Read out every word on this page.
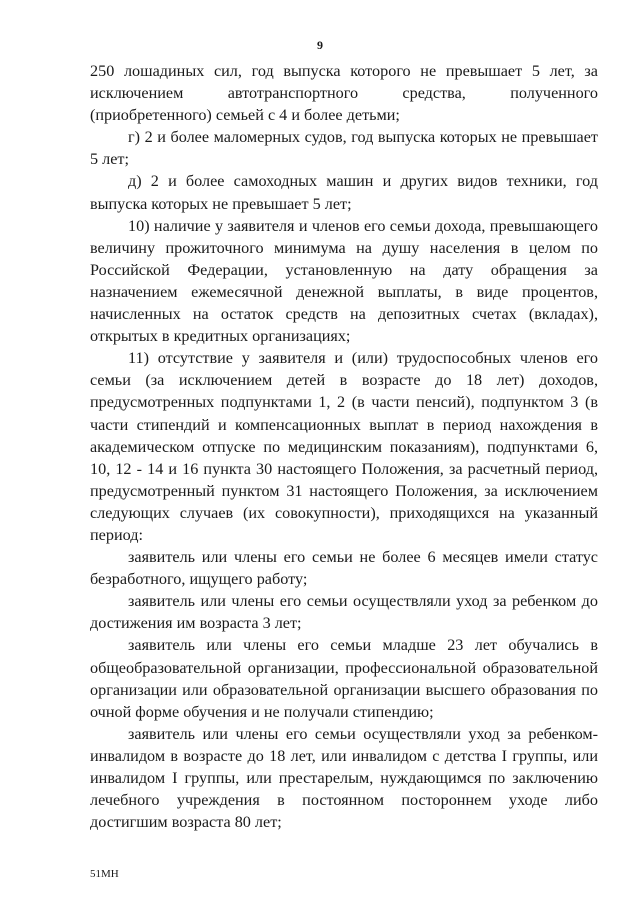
9

250 лошадиных сил, год выпуска которого не превышает 5 лет, за исключением автотранспортного средства, полученного (приобретенного) семьей с 4 и более детьми;

г) 2 и более маломерных судов, год выпуска которых не превышает 5 лет;

д) 2 и более самоходных машин и других видов техники, год выпуска которых не превышает 5 лет;

10) наличие у заявителя и членов его семьи дохода, превышающего величину прожиточного минимума на душу населения в целом по Российской Федерации, установленную на дату обращения за назначением ежемесячной денежной выплаты, в виде процентов, начисленных на остаток средств на депозитных счетах (вкладах), открытых в кредитных организациях;

11) отсутствие у заявителя и (или) трудоспособных членов его семьи (за исключением детей в возрасте до 18 лет) доходов, предусмотренных подпунктами 1, 2 (в части пенсий), подпунктом 3 (в части стипендий и компенсационных выплат в период нахождения в академическом отпуске по медицинским показаниям), подпунктами 6, 10, 12 - 14 и 16 пункта 30 настоящего Положения, за расчетный период, предусмотренный пунктом 31 настоящего Положения, за исключением следующих случаев (их совокупности), приходящихся на указанный период:

заявитель или члены его семьи не более 6 месяцев имели статус безработного, ищущего работу;

заявитель или члены его семьи осуществляли уход за ребенком до достижения им возраста 3 лет;

заявитель или члены его семьи младше 23 лет обучались в общеобразовательной организации, профессиональной образовательной организации или образовательной организации высшего образования по очной форме обучения и не получали стипендию;

заявитель или члены его семьи осуществляли уход за ребенком-инвалидом в возрасте до 18 лет, или инвалидом с детства I группы, или инвалидом I группы, или престарелым, нуждающимся по заключению лечебного учреждения в постоянном постороннем уходе либо достигшим возраста 80 лет;

51МН
